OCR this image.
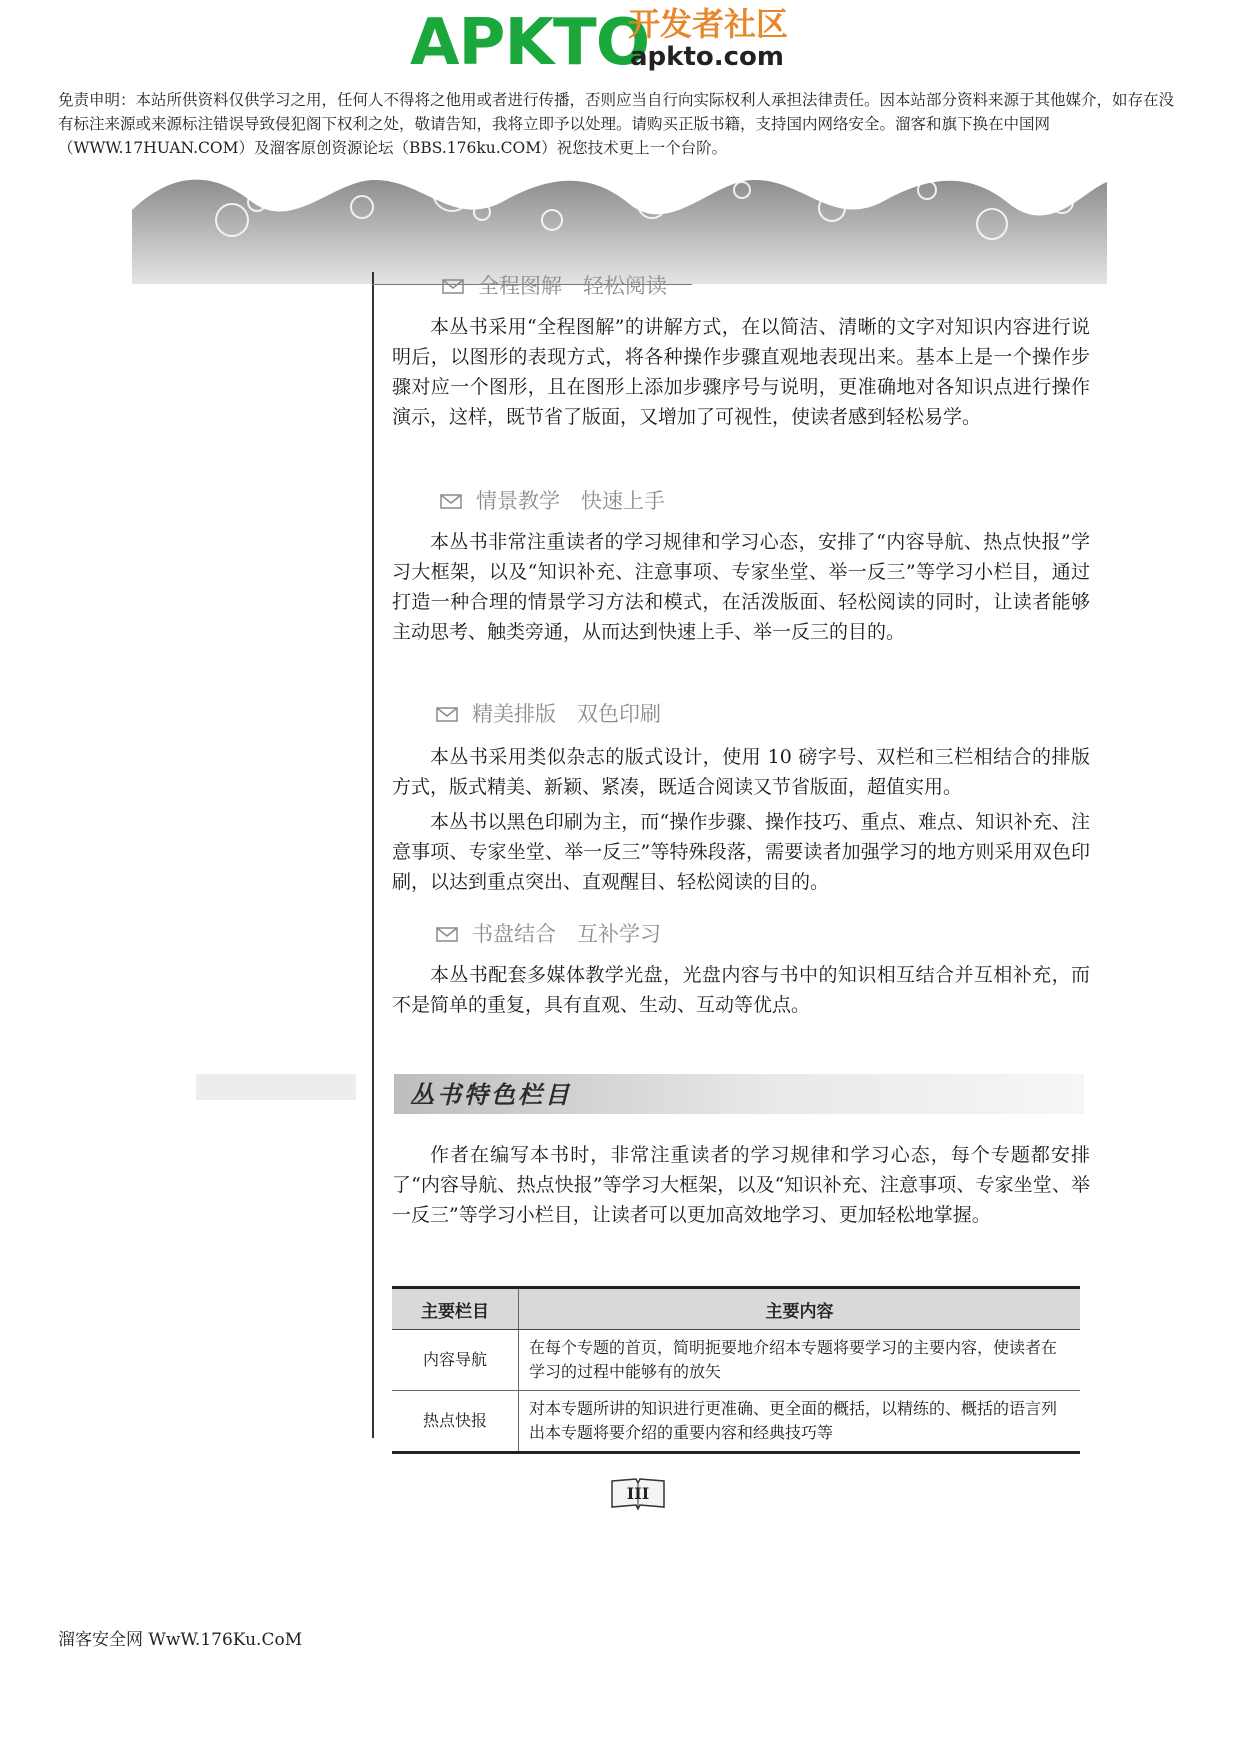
APKTO
开发者社区
apkto.com
免责申明：本站所供资料仅供学习之用，任何人不得将之他用或者进行传播，否则应当自行向实际权利人承担法律责任。因本站部分资料来源于其他媒介，如存在没有标注来源或来源标注错误导致侵犯阁下权利之处，敬请告知，我将立即予以处理。请购买正版书籍，支持国内网络安全。溜客和旗下换在中国网（WWW.17HUAN.COM）及溜客原创资源论坛（BBS.176ku.COM）祝您技术更上一个台阶。
全程图解　轻松阅读

本丛书采用“全程图解”的讲解方式，在以简洁、清晰的文字对知识内容进行说明后，以图形的表现方式，将各种操作步骤直观地表现出来。基本上是一个操作步骤对应一个图形，且在图形上添加步骤序号与说明，更准确地对各知识点进行操作演示，这样，既节省了版面，又增加了可视性，使读者感到轻松易学。

情景教学　快速上手

本丛书非常注重读者的学习规律和学习心态，安排了“内容导航、热点快报”学习大框架，以及“知识补充、注意事项、专家坐堂、举一反三”等学习小栏目，通过打造一种合理的情景学习方法和模式，在活泼版面、轻松阅读的同时，让读者能够主动思考、触类旁通，从而达到快速上手、举一反三的目的。

精美排版　双色印刷

本丛书采用类似杂志的版式设计，使用 10 磅字号、双栏和三栏相结合的排版方式，版式精美、新颖、紧凑，既适合阅读又节省版面，超值实用。

本丛书以黑色印刷为主，而“操作步骤、操作技巧、重点、难点、知识补充、注意事项、专家坐堂、举一反三”等特殊段落，需要读者加强学习的地方则采用双色印刷，以达到重点突出、直观醒目、轻松阅读的目的。

书盘结合　互补学习

本丛书配套多媒体教学光盘，光盘内容与书中的知识相互结合并互相补充，而不是简单的重复，具有直观、生动、互动等优点。

丛书特色栏目

作者在编写本书时，非常注重读者的学习规律和学习心态，每个专题都安排了“内容导航、热点快报”等学习大框架，以及“知识补充、注意事项、专家坐堂、举一反三”等学习小栏目，让读者可以更加高效地学习、更加轻松地掌握。

主要栏目	主要内容
内容导航	在每个专题的首页，简明扼要地介绍本专题将要学习的主要内容，使读者在学习的过程中能够有的放矢
热点快报	对本专题所讲的知识进行更准确、更全面的概括，以精练的、概括的语言列出本专题将要介绍的重要内容和经典技巧等
III
溜客安全网 WwW.176Ku.CoM
